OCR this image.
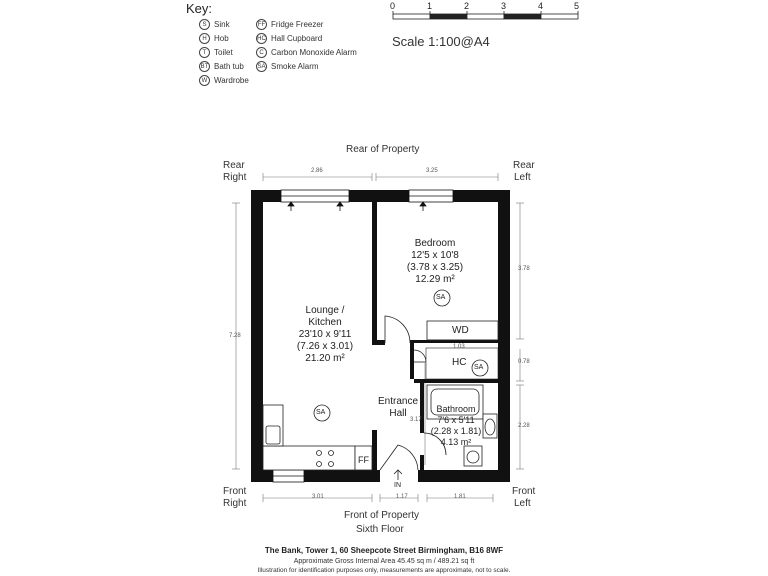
Key:
S Sink
H Hob
T Toilet
BT Bath tub
W Wardrobe
FF Fridge Freezer
HC Hall Cupboard
C Carbon Monoxide Alarm
SA Smoke Alarm
0	1	2	3	4	5
Scale 1:100@A4
Rear of Property
Rear
Right
Rear
Left
Front
Right
Front
Left
Front of Property
Sixth Floor
IN
2.86	3.25
7.28
3.78
0.78
2.28
1.03
3.17
3.01	1.17	1.81
Lounge /
Kitchen
23'10 x 9'11
(7.26 x 3.01)
21.20 m²
Bedroom
12'5 x 10'8
(3.78 x 3.25)
12.29 m²
Bathroom
7'6 x 5'11
(2.28 x 1.81)
4.13 m²
Entrance
Hall
WD
HC
FF
SA
SA
SA
The Bank, Tower 1, 60 Sheepcote Street Birmingham, B16 8WF
Approximate Gross Internal Area 45.45 sq m / 489.21 sq ft
Illustration for identification purposes only, measurements are approximate, not to scale.
